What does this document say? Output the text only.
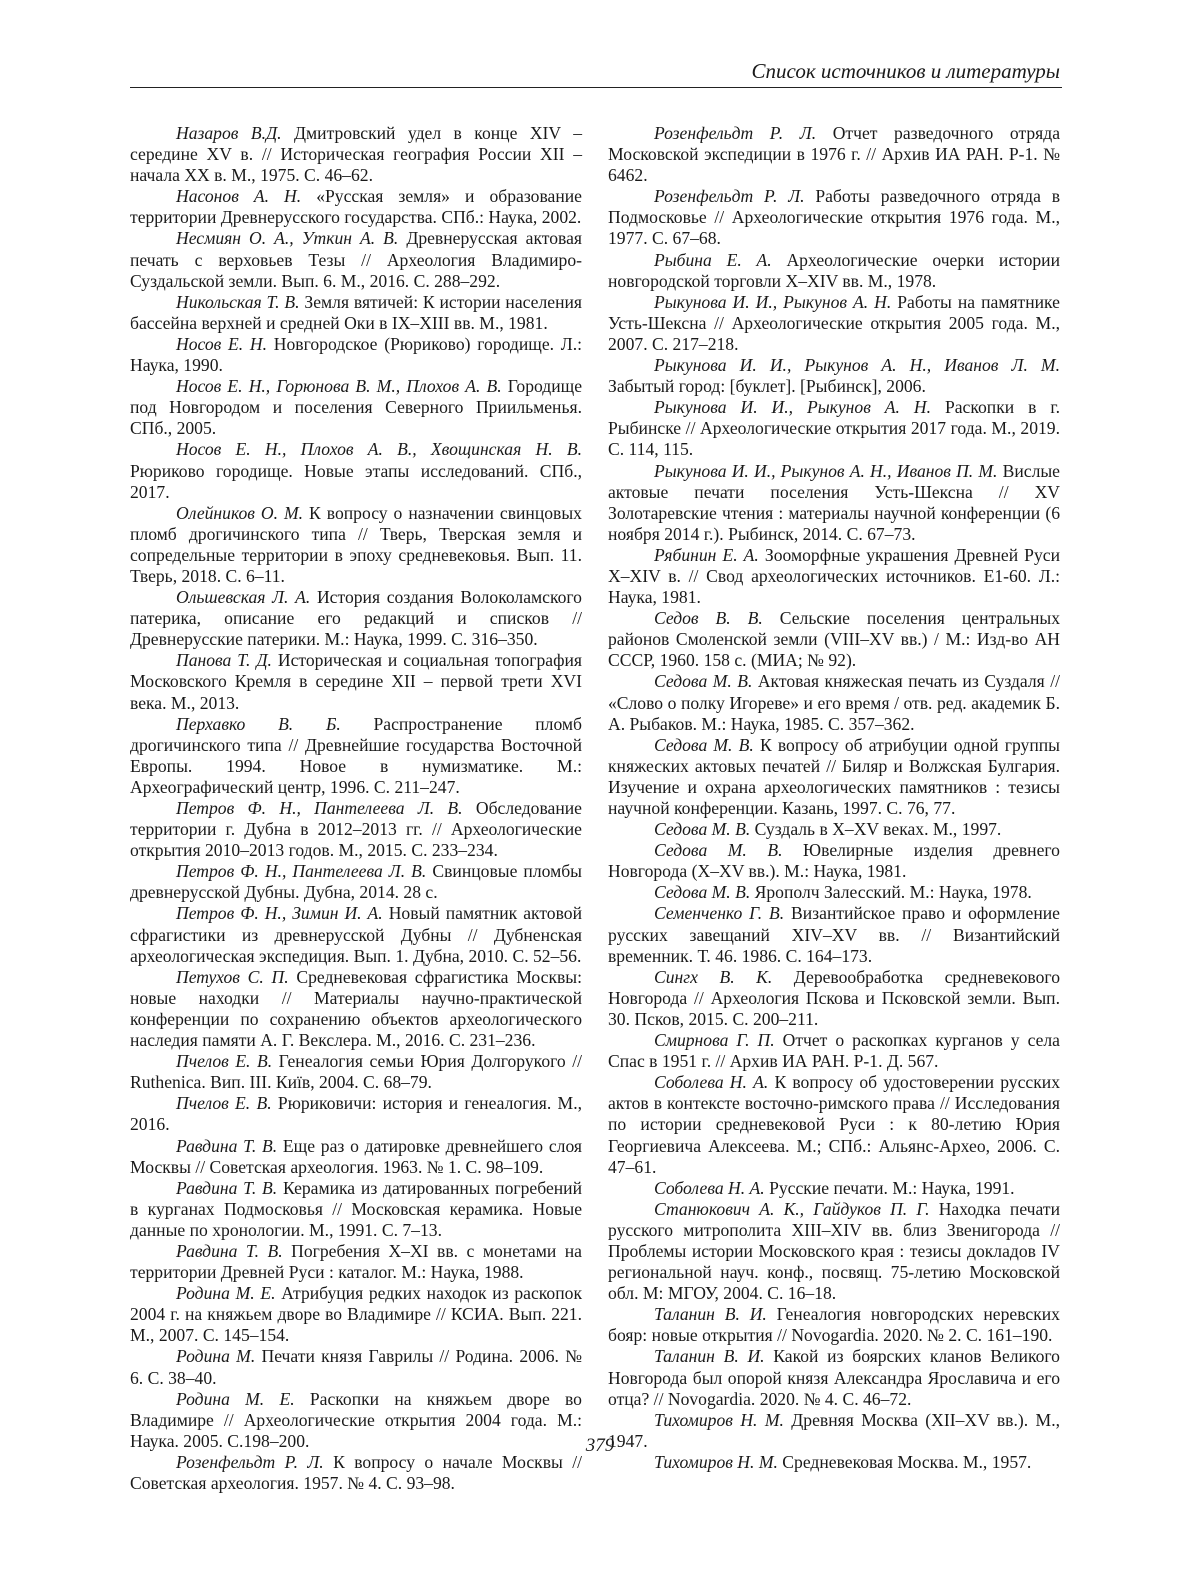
Список источников и литературы

Назаров В.Д. Дмитровский удел в конце XIV – середине XV в. // Историческая география России XII – начала XX в. М., 1975. С. 46–62.

Насонов А. Н. «Русская земля» и образование территории Древнерусского государства. СПб.: Наука, 2002.

Несмиян О. А., Уткин А. В. Древнерусская актовая печать с верховьев Тезы // Археология Владимиро-Суздальской земли. Вып. 6. М., 2016. С. 288–292.

Никольская Т. В. Земля вятичей: К истории населения бассейна верхней и средней Оки в IX–XIII вв. М., 1981.

Носов Е. Н. Новгородское (Рюриково) городище. Л.: Наука, 1990.

Носов Е. Н., Горюнова В. М., Плохов А. В. Городище под Новгородом и поселения Северного Приильменья. СПб., 2005.

Носов Е. Н., Плохов А. В., Хвощинская Н. В. Рюриково городище. Новые этапы исследований. СПб., 2017.

Олейников О. М. К вопросу о назначении свинцовых пломб дрогичинского типа // Тверь, Тверская земля и сопредельные территории в эпоху средневековья. Вып. 11. Тверь, 2018. С. 6–11.

Ольшевская Л. А. История создания Волоколамского патерика, описание его редакций и списков // Древнерусские патерики. М.: Наука, 1999. С. 316–350.

Панова Т. Д. Историческая и социальная топография Московского Кремля в середине XII – первой трети XVI века. М., 2013.

Перхавко В. Б. Распространение пломб дрогичинского типа // Древнейшие государства Восточной Европы. 1994. Новое в нумизматике. М.: Археографический центр, 1996. С. 211–247.

Петров Ф. Н., Пантелеева Л. В. Обследование территории г. Дубна в 2012–2013 гг. // Археологические открытия 2010–2013 годов. М., 2015. С. 233–234.

Петров Ф. Н., Пантелеева Л. В. Свинцовые пломбы древнерусской Дубны. Дубна, 2014. 28 с.

Петров Ф. Н., Зимин И. А. Новый памятник актовой сфрагистики из древнерусской Дубны // Дубненская археологическая экспедиция. Вып. 1. Дубна, 2010. С. 52–56.

Петухов С. П. Средневековая сфрагистика Москвы: новые находки // Материалы научно-практической конференции по сохранению объектов археологического наследия памяти А. Г. Векслера. М., 2016. С. 231–236.

Пчелов Е. В. Генеалогия семьи Юрия Долгорукого // Ruthenica. Вип. III. Київ, 2004. С. 68–79.

Пчелов Е. В. Рюриковичи: история и генеалогия. М., 2016.

Равдина Т. В. Еще раз о датировке древнейшего слоя Москвы // Советская археология. 1963. № 1. С. 98–109.

Равдина Т. В. Керамика из датированных погребений в курганах Подмосковья // Московская керамика. Новые данные по хронологии. М., 1991. С. 7–13.

Равдина Т. В. Погребения X–XI вв. с монетами на территории Древней Руси : каталог. М.: Наука, 1988.

Родина М. Е. Атрибуция редких находок из раскопок 2004 г. на княжьем дворе во Владимире // КСИА. Вып. 221. М., 2007. С. 145–154.

Родина М. Печати князя Гаврилы // Родина. 2006. № 6. С. 38–40.

Родина М. Е. Раскопки на княжьем дворе во Владимире // Археологические открытия 2004 года. М.: Наука. 2005. С.198–200.

Розенфельдт Р. Л. К вопросу о начале Москвы // Советская археология. 1957. № 4. С. 93–98.

Розенфельдт Р. Л. Отчет разведочного отряда Московской экспедиции в 1976 г. // Архив ИА РАН. Р-1. № 6462.

Розенфельдт Р. Л. Работы разведочного отряда в Подмосковье // Археологические открытия 1976 года. М., 1977. С. 67–68.

Рыбина Е. А. Археологические очерки истории новгородской торговли X–XIV вв. М., 1978.

Рыкунова И. И., Рыкунов А. Н. Работы на памятнике Усть-Шексна // Археологические открытия 2005 года. М., 2007. С. 217–218.

Рыкунова И. И., Рыкунов А. Н., Иванов Л. М. Забытый город: [буклет]. [Рыбинск], 2006.

Рыкунова И. И., Рыкунов А. Н. Раскопки в г. Рыбинске // Археологические открытия 2017 года. М., 2019. С. 114, 115.

Рыкунова И. И., Рыкунов А. Н., Иванов П. М. Вислые актовые печати поселения Усть-Шексна // XV Золотаревские чтения : материалы научной конференции (6 ноября 2014 г.). Рыбинск, 2014. С. 67–73.

Рябинин Е. А. Зооморфные украшения Древней Руси X–XIV в. // Свод археологических источников. Е1-60. Л.: Наука, 1981.

Седов В. В. Сельские поселения центральных районов Смоленской земли (VIII–XV вв.) / М.: Изд-во АН СССР, 1960. 158 с. (МИА; № 92).

Седова М. В. Актовая княжеская печать из Суздаля // «Слово о полку Игореве» и его время / отв. ред. академик Б. А. Рыбаков. М.: Наука, 1985. С. 357–362.

Седова М. В. К вопросу об атрибуции одной группы княжеских актовых печатей // Биляр и Волжская Булгария. Изучение и охрана археологических памятников : тезисы научной конференции. Казань, 1997. С. 76, 77.

Седова М. В. Суздаль в X–XV веках. М., 1997.

Седова М. В. Ювелирные изделия древнего Новгорода (X–XV вв.). М.: Наука, 1981.

Седова М. В. Ярополч Залесский. М.: Наука, 1978.

Семенченко Г. В. Византийское право и оформление русских завещаний XIV–XV вв. // Византийский временник. Т. 46. 1986. С. 164–173.

Сингх В. К. Деревообработка средневекового Новгорода // Археология Пскова и Псковской земли. Вып. 30. Псков, 2015. С. 200–211.

Смирнова Г. П. Отчет о раскопках курганов у села Спас в 1951 г. // Архив ИА РАН. Р-1. Д. 567.

Соболева Н. А. К вопросу об удостоверении русских актов в контексте восточно-римского права // Исследования по истории средневековой Руси : к 80-летию Юрия Георгиевича Алексеева. М.; СПб.: Альянс-Архео, 2006. С. 47–61.

Соболева Н. А. Русские печати. М.: Наука, 1991.

Станюкович А. К., Гайдуков П. Г. Находка печати русского митрополита XIII–XIV вв. близ Звенигорода // Проблемы истории Московского края : тезисы докладов IV региональной науч. конф., посвящ. 75-летию Московской обл. М: МГОУ, 2004. С. 16–18.

Таланин В. И. Генеалогия новгородских неревских бояр: новые открытия // Novogardia. 2020. № 2. С. 161–190.

Таланин В. И. Какой из боярских кланов Великого Новгорода был опорой князя Александра Ярославича и его отца? // Novogardia. 2020. № 4. С. 46–72.

Тихомиров Н. М. Древняя Москва (XII–XV вв.). М., 1947.

Тихомиров Н. М. Средневековая Москва. М., 1957.

379
